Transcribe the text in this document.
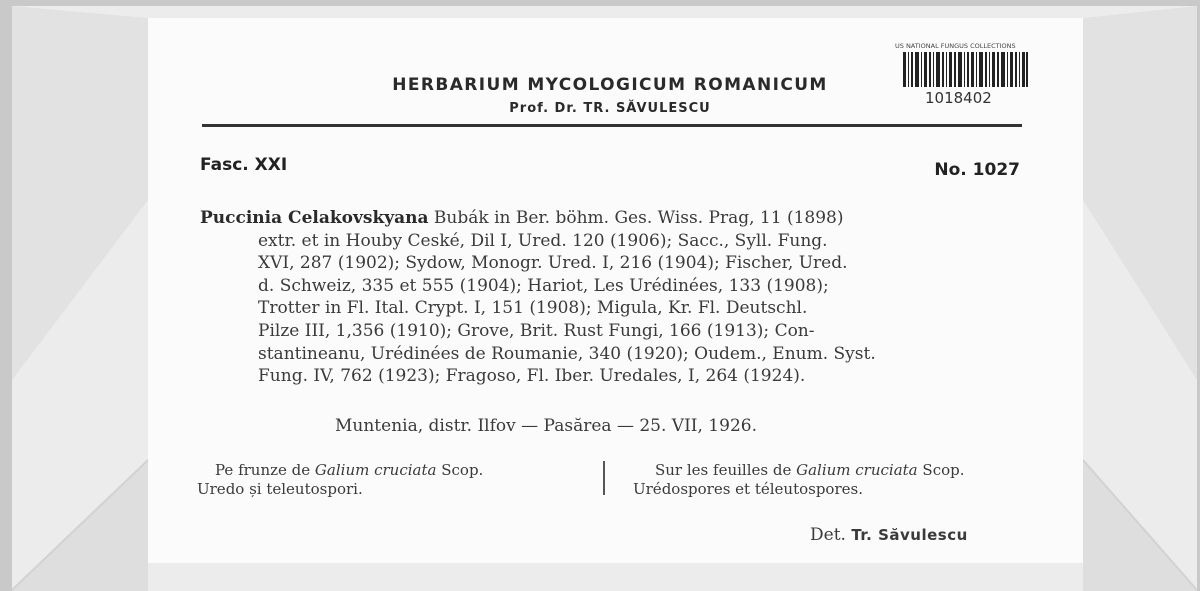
HERBARIUM MYCOLOGICUM ROMANICUM
Prof. Dr. TR. SĂVULESCU
US NATIONAL FUNGUS COLLECTIONS
1018402
Fasc. XXI	No. 1027
Puccinia Celakovskyana Bubák in Ber. böhm. Ges. Wiss. Prag, 11 (1898)
extr. et in Houby Ceské, Dil I, Ured. 120 (1906); Sacc., Syll. Fung.
XVI, 287 (1902); Sydow, Monogr. Ured. I, 216 (1904); Fischer, Ured.
d. Schweiz, 335 et 555 (1904); Hariot, Les Urédinées, 133 (1908);
Trotter in Fl. Ital. Crypt. I, 151 (1908); Migula, Kr. Fl. Deutschl.
Pilze III, 1,356 (1910); Grove, Brit. Rust Fungi, 166 (1913); Con-
stantineanu, Urédinées de Roumanie, 340 (1920); Oudem., Enum. Syst.
Fung. IV, 762 (1923); Fragoso, Fl. Iber. Uredales, I, 264 (1924).
Muntenia, distr. Ilfov — Pasărea — 25. VII, 1926.
Pe frunze de Galium cruciata Scop.
Uredo și teleutospori.
Sur les feuilles de Galium cruciata Scop.
Urédospores et téleutospores.
Det. Tr. Săvulescu
